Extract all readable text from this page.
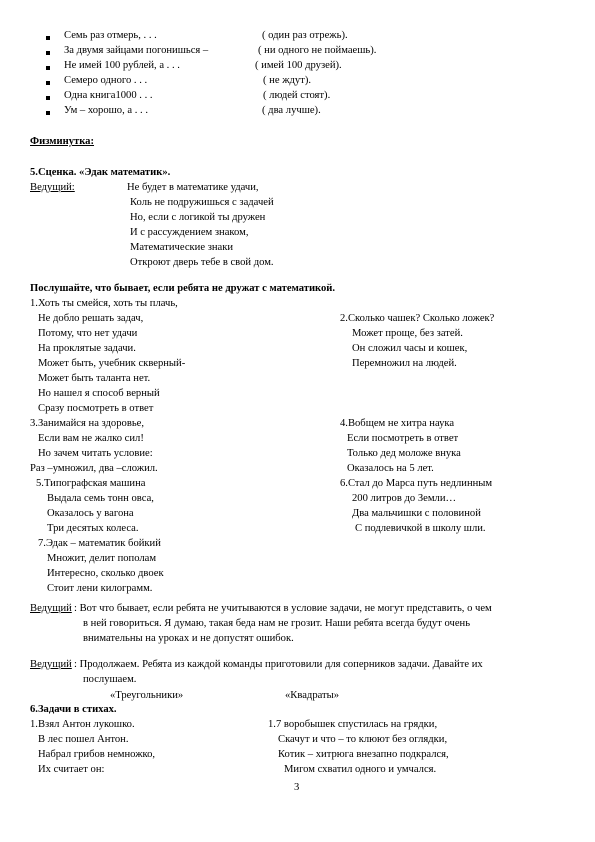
Семь раз отмерь, . . .	( один раз отрежь).
За двумя зайцами погонишься –	( ни одного не поймаешь).
Не имей 100 рублей, а . . .	( имей 100 друзей).
Семеро одного . . .	( не ждут).
Одна книга1000 . . .	( людей стоят).
Ум – хорошо, а . . .	( два лучше).
Физминутка:
5.Сценка. «Эдак математик».
Ведущий:	Не будет в математике удачи,
Коль не подружишься с задачей
Но, если с логикой ты дружен
И с рассуждением знаком,
Математические знаки
Откроют дверь тебе в свой дом.
Послушайте, что бывает, если ребята не дружат с математикой.
1.Хоть ты смейся, хоть ты плачь,
Не добло решать задач,
Потому, что нет удачи
На проклятые задачи.
Может быть, учебник скверный-
Может быть таланта нет.
Но нашел я способ верный
Сразу посмотреть в ответ
2.Сколько чашек? Сколько ложек?
Может проще, без затей.
Он сложил часы и кошек,
Перемножил на людей.
3.Занимайся на здоровье,
Если вам не жалко сил!
Но зачем читать условие:
Раз –умножил, два –сложил.
4.Вобщем не хитра наука
Если посмотреть в ответ
Только дед моложе внука
Оказалось на 5 лет.
5.Типографская машина
Выдала семь тонн овса,
Оказалось у вагона
Три десятых колеса.
6.Стал до Марса путь недлинным
200 литров до Земли…
Два мальчишки с половиной
С подлевичкой в школу шли.
7.Эдак – математик бойкий
Множит, делит пополам
Интересно, сколько двоек
Стоит лени килограмм.
Ведущий : Вот что бывает, если ребята не учитываются в условие задачи, не могут представить, о чем
в ней говориться. Я думаю, такая беда нам не грозит. Наши ребята всегда будут очень
внимательны на уроках и не допустят ошибок.
Ведущий : Продолжаем. Ребята из каждой команды приготовили для соперников задачи. Давайте их
послушаем.
«Треугольники»	«Квадраты»
6.Задачи в стихах.
1.Взял Антон лукошко.
В лес пошел Антон.
Набрал грибов немножко,
Их считает он:
1.7 воробышек спустилась на грядки,
Скачут и что – то клюют без оглядки,
Котик – хитрюга внезапно подкрался,
Мигом схватил одного и умчался.
3
